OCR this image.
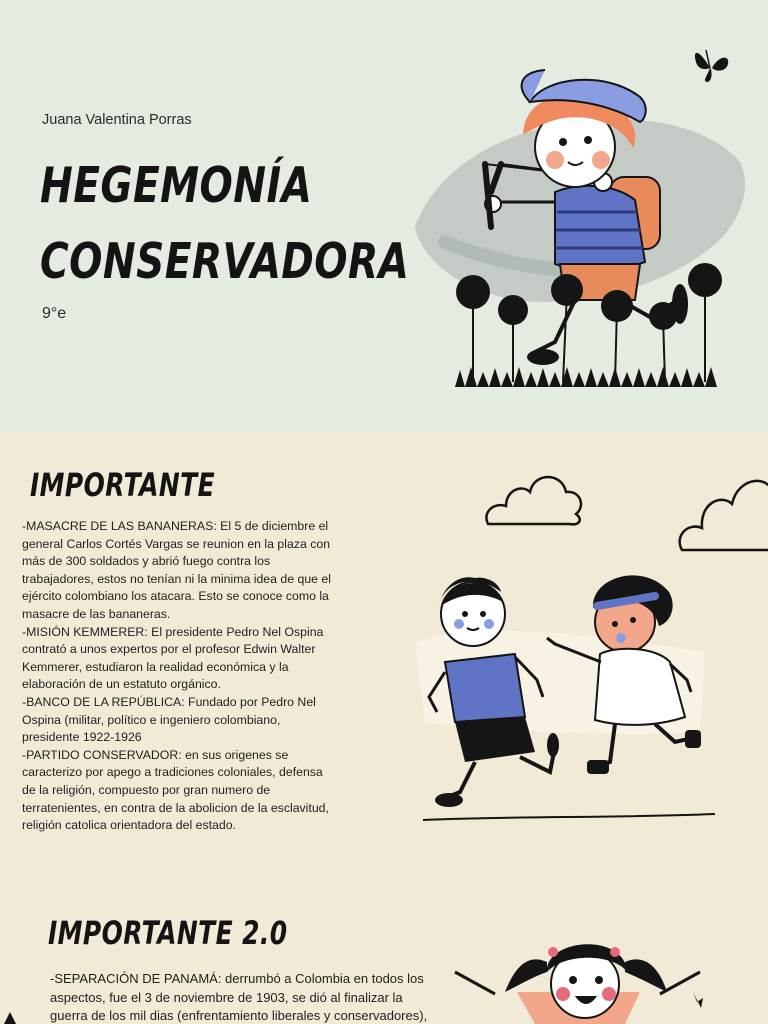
Juana Valentina Porras
HEGEMONÍA
CONSERVADORA
9°e
IMPORTANTE

-MASACRE DE LAS BANANERAS: El 5 de diciembre el
general Carlos Cortés Vargas se reunion en la plaza con
más de 300 soldados y abrió fuego contra los
trabajadores, estos no tenían ni la minima idea de que el
ejército colombiano los atacara. Esto se conoce como la
masacre de las bananeras.
-MISIÓN KEMMERER: El presidente Pedro Nel Ospina
contrató a unos expertos por el profesor Edwin Walter
Kemmerer, estudiaron la realidad económica y la
elaboración de un estatuto orgánico.
-BANCO DE LA REPÚBLICA: Fundado por Pedro Nel
Ospina (militar, político e ingeniero colombiano,
presidente 1922-1926
-PARTIDO CONSERVADOR: en sus origenes se
caracterizo por apego a tradiciones coloniales, defensa
de la religión, compuesto por gran numero de
terratenientes, en contra de la abolicion de la esclavitud,
religión catolica orientadora del estado.

IMPORTANTE 2.0

-SEPARACIÓN DE PANAMÁ: derrumbó a Colombia en todos los
aspectos, fue el 3 de noviembre de 1903, se dió al finalizar la
guerra de los mil dias (enfrentamiento liberales y conservadores),
